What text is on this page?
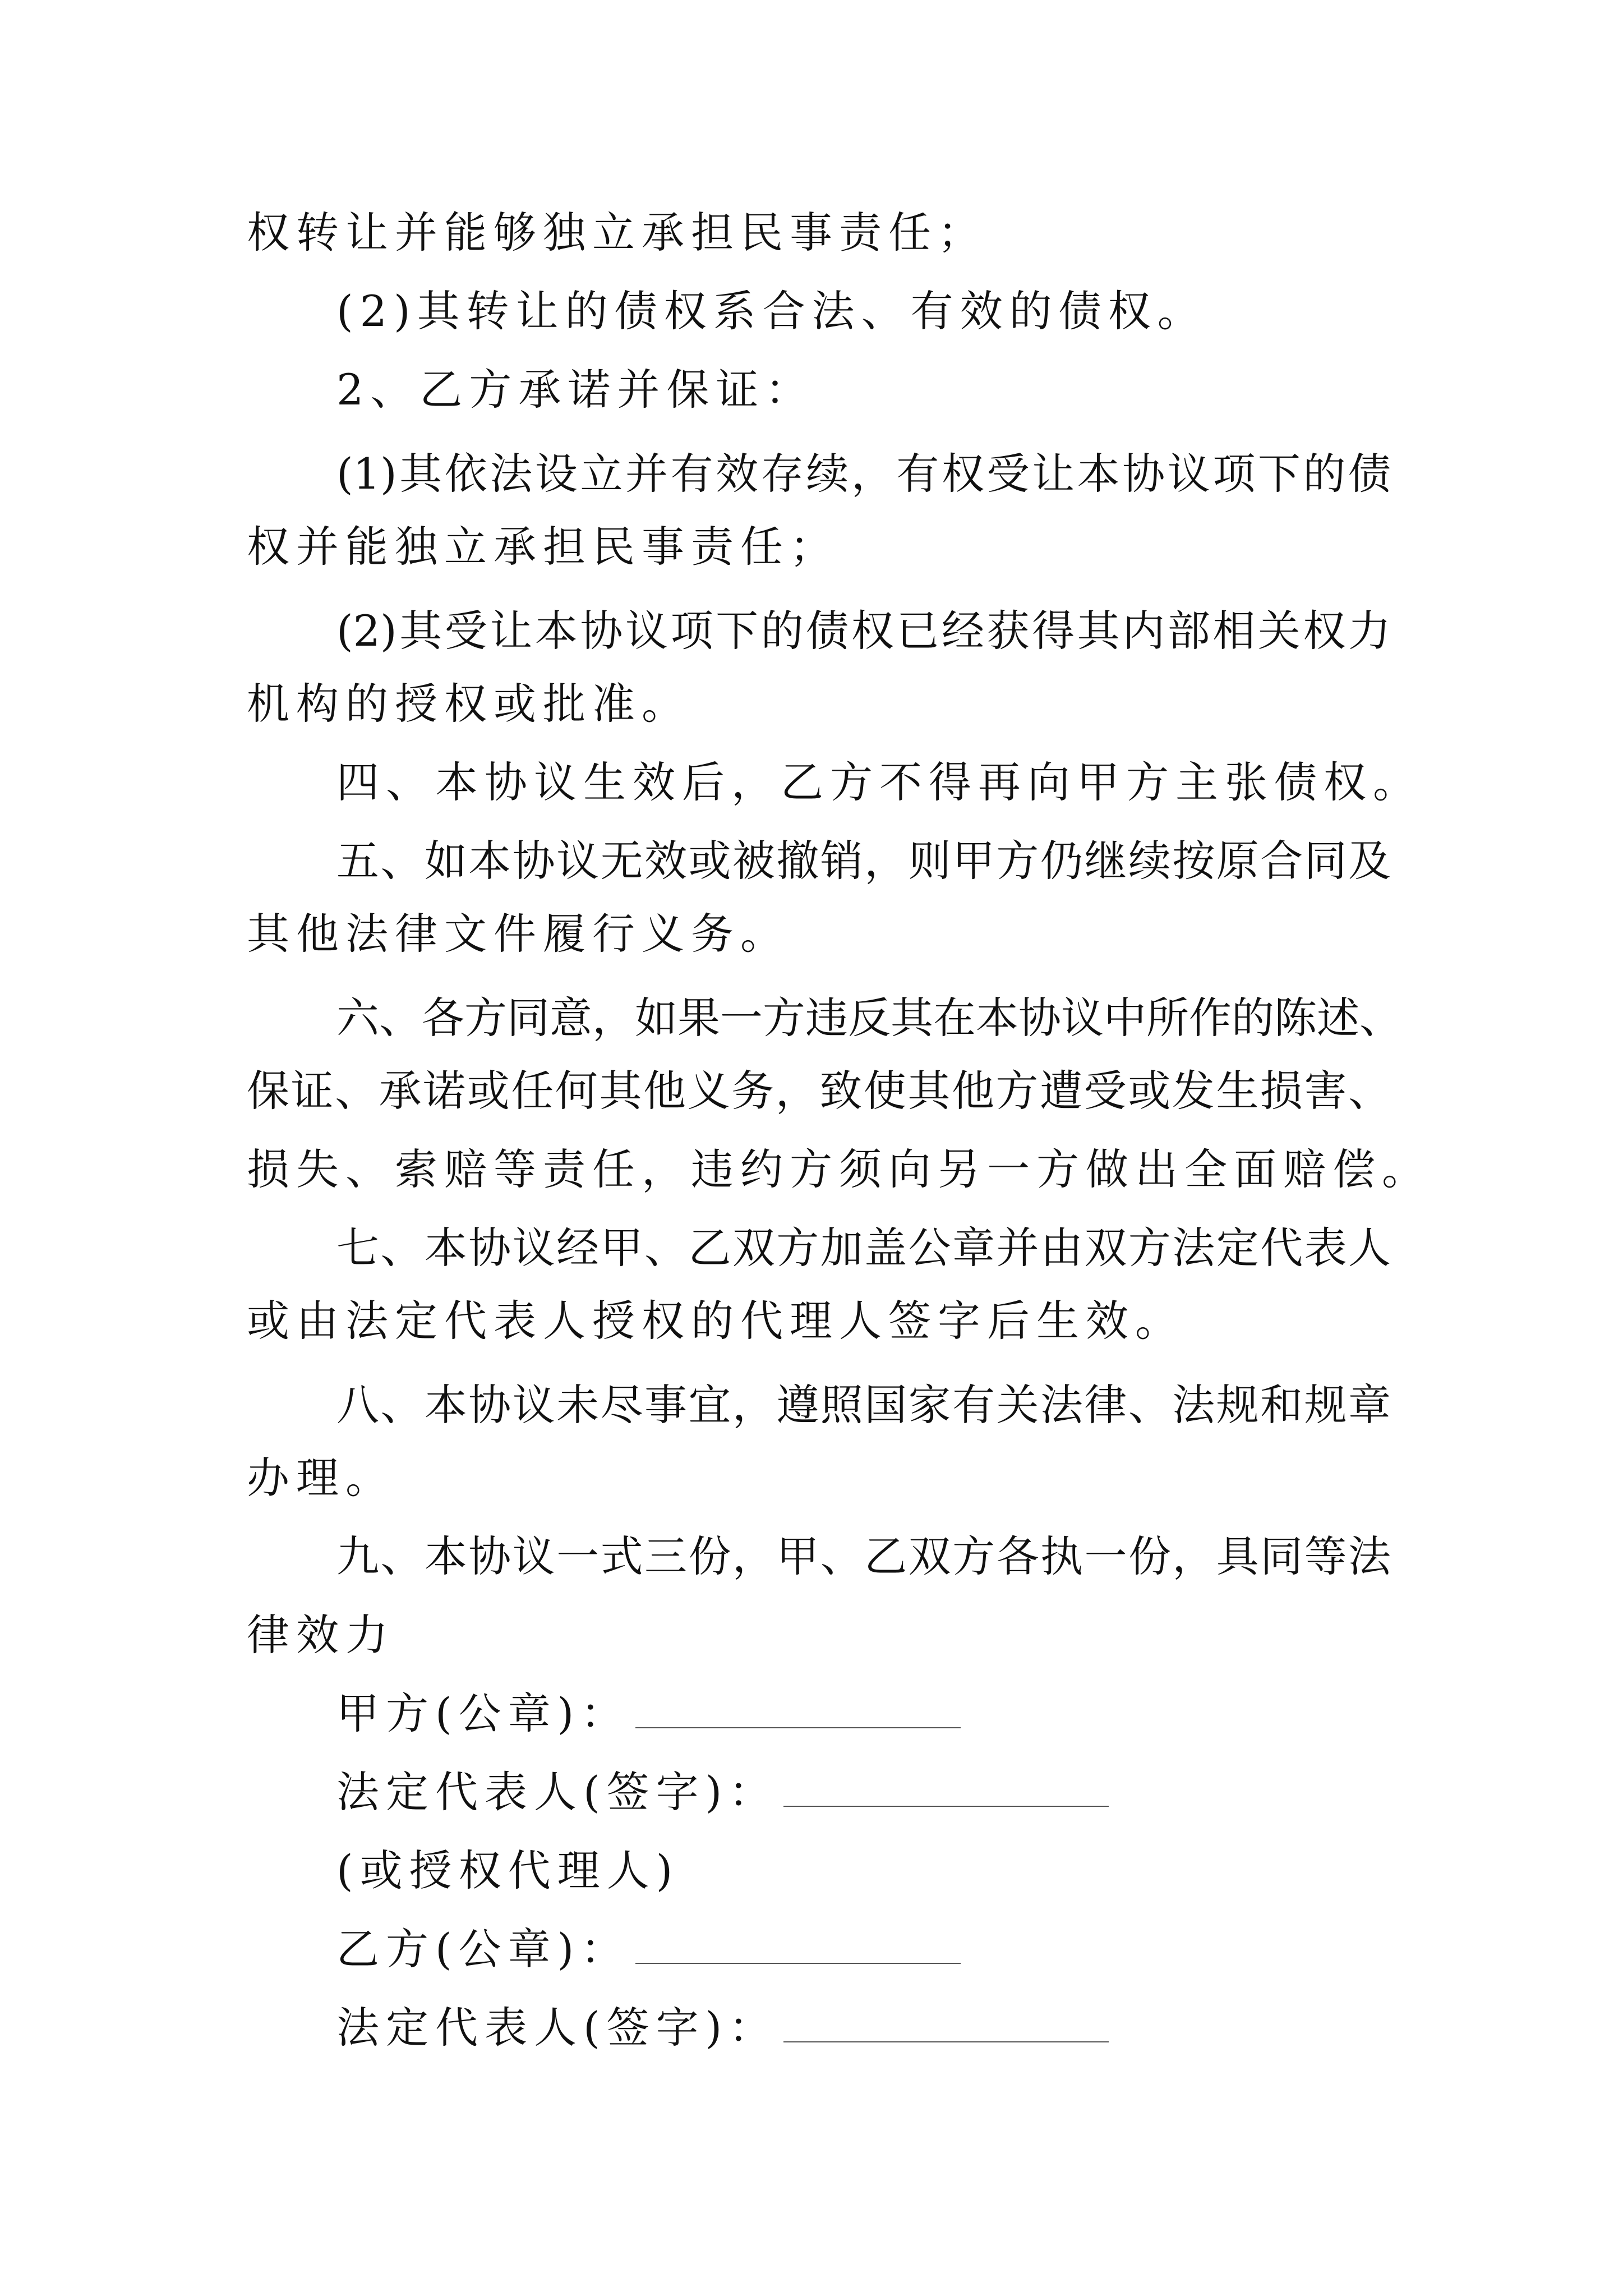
权转让并能够独立承担民事责任；
(2)其转让的债权系合法、有效的债权。
2、乙方承诺并保证：
(1)其依法设立并有效存续，有权受让本协议项下的债
权并能独立承担民事责任；
(2)其受让本协议项下的债权已经获得其内部相关权力
机构的授权或批准。
四、本协议生效后，乙方不得再向甲方主张债权。
五、如本协议无效或被撤销，则甲方仍继续按原合同及
其他法律文件履行义务。
六、各方同意，如果一方违反其在本协议中所作的陈述、
保证、承诺或任何其他义务，致使其他方遭受或发生损害、
损失、索赔等责任，违约方须向另一方做出全面赔偿。
七、本协议经甲、乙双方加盖公章并由双方法定代表人
或由法定代表人授权的代理人签字后生效。
八、本协议未尽事宜，遵照国家有关法律、法规和规章
办理。
九、本协议一式三份，甲、乙双方各执一份，具同等法
律效力
甲方(公章)：
法定代表人(签字)：
(或授权代理人)
乙方(公章)：
法定代表人(签字)：
